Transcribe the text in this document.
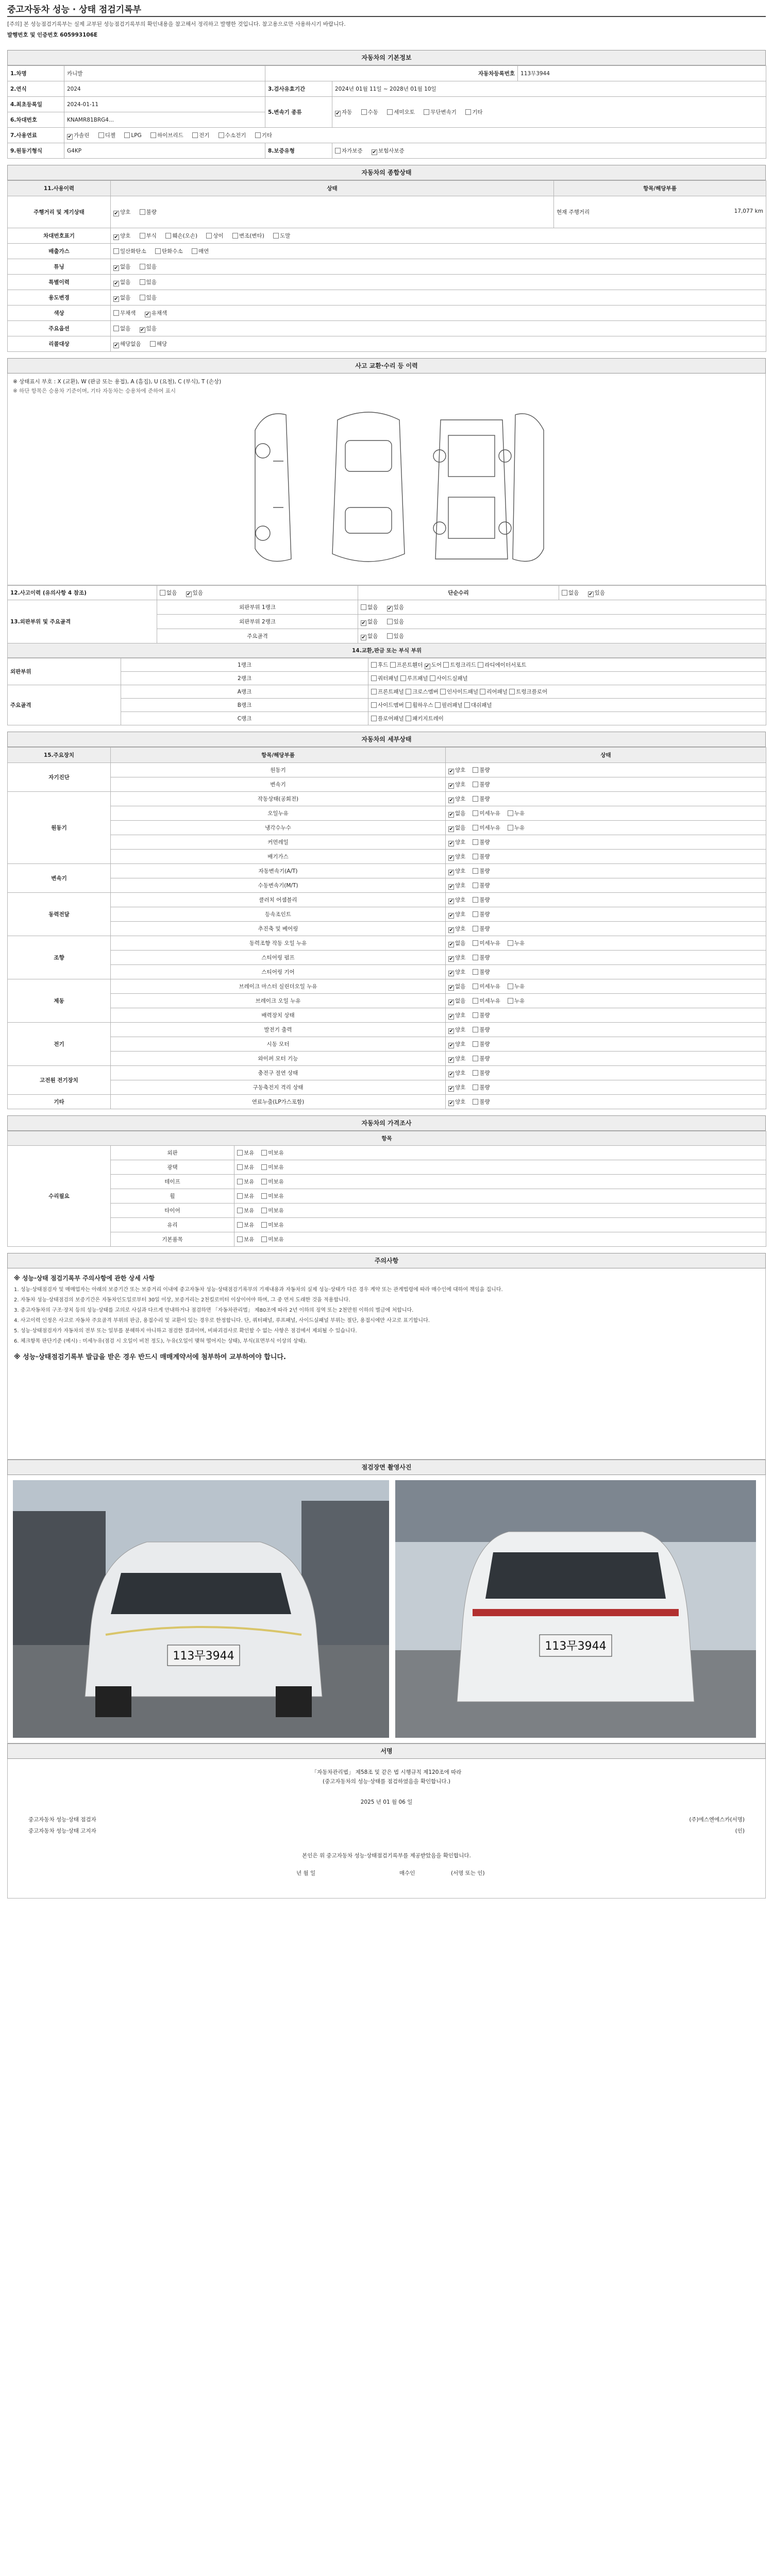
중고자동차 성능 · 상태 점검기록부
[주의] 본 성능점검기록부는 실제 교부된 성능점검기록부의 확인내용을 참고해서 정리하고 발행한 것입니다. 참고용으로만 사용하시기 바랍니다.
발행번호 및 인증번호 605993106E
자동차의 기본정보
1.차명	카니발	자동차등록번호		113무3944
2.연식	2024	3.검사유효기간	2024년 01월 11일 ~ 2028년 01월 10일	
4.최초등록일	2024-01-11	5.변속기 종류	✔자동 수동 세미오토 무단변속기 기타
6.차대번호	KNAMR81BRG4...			
7.사용연료	✔가솔린 디젤 LPG 하이브리드 전기 수소전기 기타
9.원동기형식	G4KP	8.보증유형	자가보증 ✔ 보험사보증
자동차의 종합상태
11.사용이력	상태	항목/해당부품
주행거리 및 계기상태	✔양호 불량	현재 주행거리 17,077 km

차대번호표기	✔양호 부식 훼손(오손) 상이 변조(변타) 도말
배출가스	일산화탄소 탄화수소 매연	
튜닝	✔없음 있음
특별이력	✔없음 있음
용도변경	✔없음 있음
색상	무채색 ✔ 유채색
주요옵션	없음 ✔ 있음
리콜대상	✔해당없음 해당
사고 교환·수리 등 이력
※ 상태표시 부호 : X (교환), W (판금 또는 용접), A (흠집), U (요철), C (부식), T (손상)
※ 하단 항목은 승용차 기준이며, 기타 자동차는 승용차에 준하여 표시
12.사고이력 (유의사항 4 참조)	없음 ✔ 있음	단순수리	없음 ✔ 있음
13.외판부위 및 주요골격	외판부위 1랭크	없음 ✔ 있음
	외판부위 2랭크	✔없음 있음
	주요골격	✔없음 있음
14.교환,판금 또는 부식 부위			
외판부위	1랭크	후드 프론트휀더 ✔도어 트렁크리드 라디에이터서포트
	2랭크	쿼터패널 루프패널 사이드실패널
주요골격	A랭크	프론트패널 크로스멤버 인사이드패널 리어패널 트렁크플로어
	B랭크	사이드멤버 휠하우스 필러패널 대쉬패널
	C랭크	플로어패널 패키지트레이
자동차의 세부상태
15.주요장치	항목/해당부품	상태
자기진단	원동기	✔양호 불량
	변속기	✔양호 불량
원동기	작동상태(공회전)	✔양호 불량
	오일누유	✔없음 미세누유 누유
	냉각수누수	✔없음 미세누유 누유
	커먼레일	✔양호 불량
	배기가스	✔양호 불량
변속기	자동변속기(A/T)	✔양호 불량
	수동변속기(M/T)	✔양호 불량
동력전달	클러치 어셈블리	✔양호 불량
	등속조인트	✔양호 불량
	추진축 및 베어링	✔양호 불량
조향	동력조향 작동 오일 누유	✔없음 미세누유 누유
	스티어링 펌프	✔양호 불량
	스티어링 기어	✔양호 불량
제동	브레이크 마스터 실린더오일 누유	✔없음 미세누유 누유
	브레이크 오일 누유	✔없음 미세누유 누유
	배력장치 상태	✔양호 불량
전기	발전기 출력	✔양호 불량
	시동 모터	✔양호 불량
	와이퍼 모터 기능	✔양호 불량
고전원 전기장치	충전구 절연 상태	✔양호 불량
	구동축전지 격리 상태	✔양호 불량
기타	연료누출(LP가스포함)	✔양호 불량
자동차의 가격조사
항목		
수리필요	외판	보유 미보유
	광택	보유 미보유
	테이프	보유 미보유
	휠	보유 미보유
	타이어	보유 미보유
	유리	보유 미보유
	기본품목	보유 미보유
주의사항
※ 성능·상태 점검기록부 주의사항에 관한 상세 사항

1. 성능·상태점검자 및 매매업자는 아래의 보증기간 또는 보증거리 이내에 중고자동차 성능·상태점검기록부의 기재내용과 자동차의 실제 성능·상태가 다른 경우 계약 또는 관계법령에 따라 매수인에 대하여 책임을 집니다.

2. 자동차 성능·상태점검의 보증기간은 자동차인도일로부터 30일 이상, 보증거리는 2천킬로미터 이상이어야 하며, 그 중 먼저 도래한 것을 적용합니다.

3. 중고자동차의 구조·장치 등의 성능·상태를 고의로 사실과 다르게 안내하거나 점검하면 「자동차관리법」 제80조에 따라 2년 이하의 징역 또는 2천만원 이하의 벌금에 처합니다.

4. 사고이력 인정은 사고로 자동차 주요골격 부위의 판금, 용접수리 및 교환이 있는 경우로 한정합니다. 단, 쿼터패널, 루프패널, 사이드실패널 부위는 절단, 용접시에만 사고로 표기합니다.

5. 성능·상태점검자가 자동차의 전부 또는 일부를 분해하지 아니하고 점검한 결과이며, 비파괴검사로 확인할 수 없는 사항은 점검에서 제외될 수 있습니다.

6. 체크항목 판단기준 (예시) : 미세누유(점검 시 오일이 비친 정도), 누유(오일이 맺혀 떨어지는 상태), 부식(표면부식 이상의 상태).

※ 성능·상태점검기록부 발급을 받은 경우 반드시 매매계약서에 첨부하여 교부하여야 합니다.
점검장면 촬영사진
113무3944
113무3944
서명
「자동차관리법」 제58조 및 같은 법 시행규칙 제120조에 따라
(중고자동차의 성능·상태를 점검하였음을 확인합니다.)
2025 년 01 월 06 일
중고자동차 성능·상태 점검자	(주)에스엔에스카(서명)
중고자동차 성능·상태 고지자	(인)
본인은 위 중고자동차 성능·상태점검기록부를 제공받았음을 확인합니다.
년 월 일	매수인	(서명 또는 인)
